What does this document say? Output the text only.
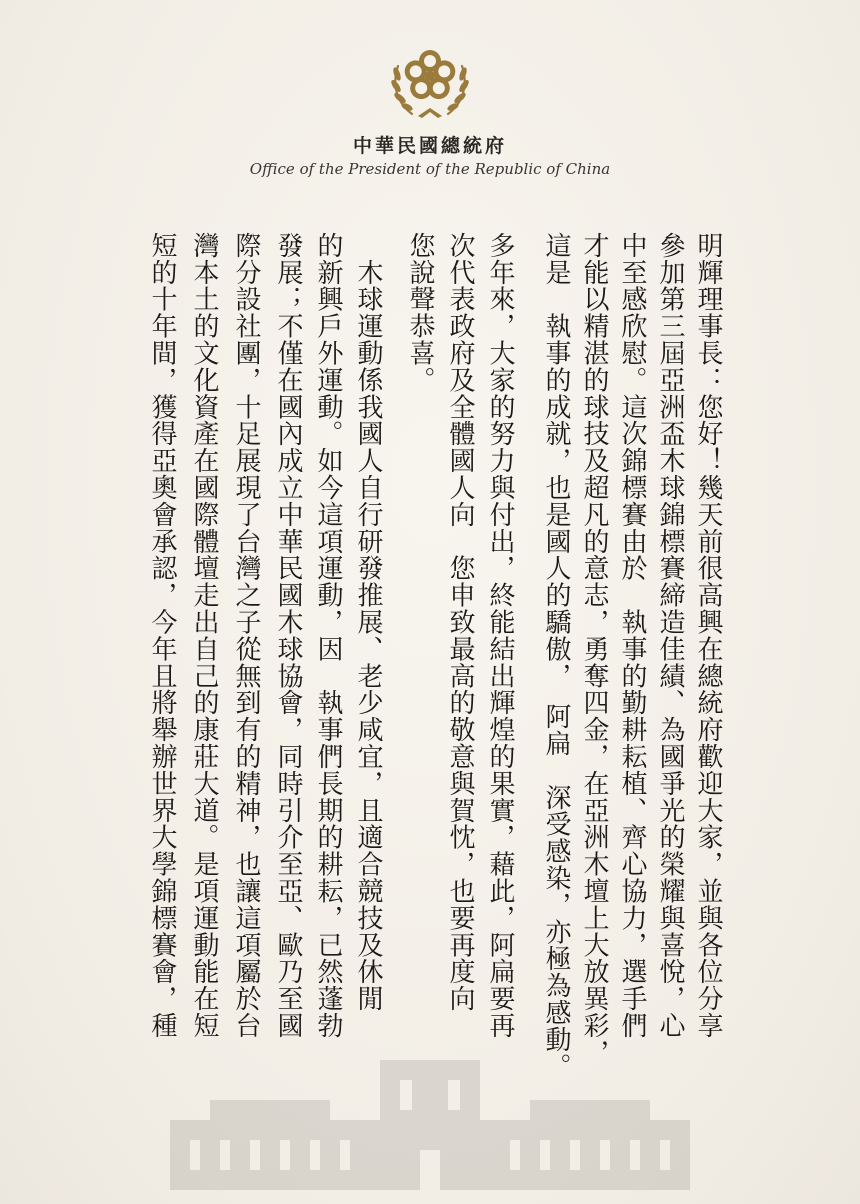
中華民國總統府
Office of the President of the Republic of China
明輝理事長：您好！幾天前很高興在總統府歡迎大家，並與各位分享
參加第三屆亞洲盃木球錦標賽締造佳績、為國爭光的榮耀與喜悅，心
中至感欣慰。這次錦標賽由於　執事的勤耕耘植、齊心協力，選手們
才能以精湛的球技及超凡的意志，勇奪四金，在亞洲木壇上大放異彩，
這是　執事的成就，也是國人的驕傲，　阿扁　深受感染，亦極為感動。
多年來，大家的努力與付出，終能結出輝煌的果實，藉此，阿扁要再
次代表政府及全體國人向　您申致最高的敬意與賀忱，也要再度向
您說聲恭喜。
　木球運動係我國人自行研發推展、老少咸宜，且適合競技及休閒
的新興戶外運動。如今這項運動，因　執事們長期的耕耘，已然蓬勃
發展；不僅在國內成立中華民國木球協會，同時引介至亞、歐乃至國
際分設社團，十足展現了台灣之子從無到有的精神，也讓這項屬於台
灣本土的文化資產在國際體壇走出自己的康莊大道。是項運動能在短
短的十年間，獲得亞奧會承認，今年且將舉辦世界大學錦標賽會，種
